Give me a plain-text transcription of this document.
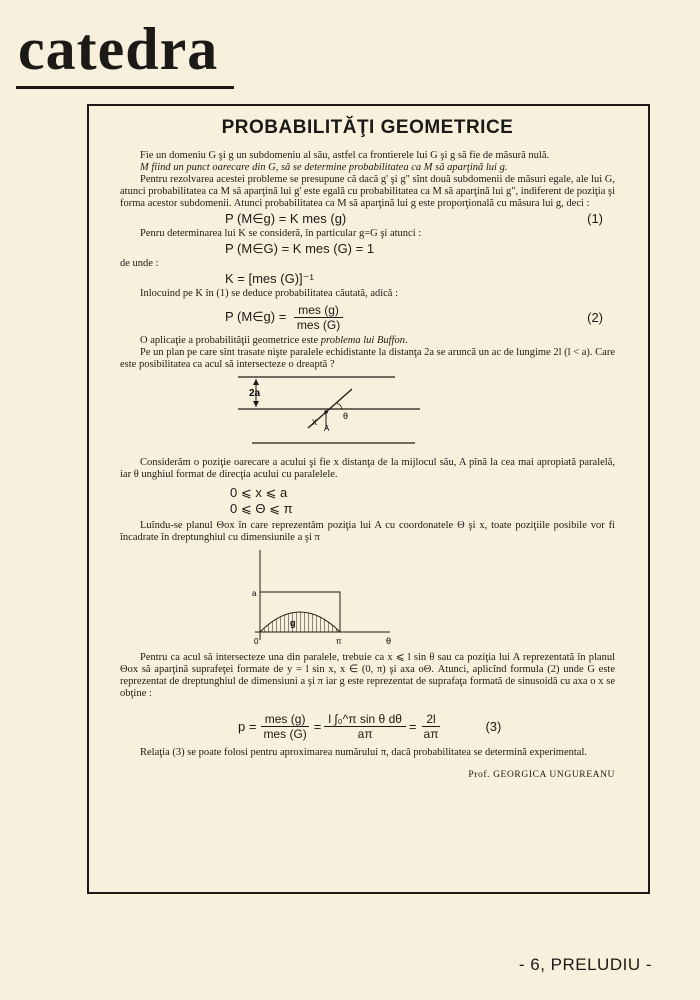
catedra
PROBABILITĂŢI GEOMETRICE

Fie un domeniu G şi g un subdomeniu al său, astfel ca frontierele lui G şi g să fie de măsură nulă.

M fiind un punct oarecare din G, să se determine probabilitatea ca M să aparţină lui g.

Pentru rezolvarea acestei probleme se presupune că dacă g' şi g" sînt două subdomenii de măsuri egale, ale lui G, atunci probabilitatea ca M să aparţină lui g' este egală cu probabilitatea ca M să aparţină lui g", indiferent de poziţia şi forma acestor subdomenii. Atunci probabilitatea ca M să aparţină lui g este proporţională cu măsura lui g, deci :

P (M∈g) = K mes (g)	(1)

Penru determinarea lui K se consideră, în particular g=G şi atunci :

P (M∈G) = K mes (G) = 1

de unde :

K = [mes (G)]⁻¹

Inlocuind pe K în (1) se deduce probabilitatea căutată, adică :

P (M∈g) = $\frac{\text{mes (g)}}{\text{mes (G)}}$	(2)

O aplicaţie a probabilităţii geometrice este problema lui Buffon.

Pe un plan pe care sînt trasate nişte paralele echidistante la distanţa 2a se aruncă un ac de lungime 2l (l < a). Care este posibilitatea ca acul să intersecteze o dreaptă ?

2a
x
A
θ

Considerăm o poziţie oarecare a acului şi fie x distanţa de la mijlocul său, A pînă la cea mai apropiată paralelă, iar θ unghiul format de direcţia acului cu paralelele.

0 ⩽ x ⩽ a
0 ⩽ Θ ⩽ π

Luîndu-se planul Θox în care reprezentăm poziţia lui A cu coordonatele Θ şi x, toate poziţiile posibile vor fi încadrate în dreptunghiul cu dimensiunile a şi π

a
g
0	π	θ

Pentru ca acul să intersecteze una din paralele, trebuie ca x ⩽ l sin θ sau ca poziţia lui A reprezentată în planul Θox să aparţină suprafeţei formate de y = l sin x, x ∈ (0, π) şi axa oΘ. Atunci, aplicînd formula (2) unde G este reprezentat de dreptunghiul de dimensiuni a şi π iar g este reprezentat de suprafaţa formată de sinusoidă cu axa o x se obţine :

$p = \frac{\text{mes (g)}}{\text{mes (G)}} = \frac{\text{l ∫₀\textasciicircum{}π sin θ dθ}}{a\pi} = \frac{2l}{a\pi}$	(3)

Relaţia (3) se poate folosi pentru aproximarea numărului π, dacă probabilitatea se determină experimental.

Prof. GEORGICA UNGUREANU
- 6, PRELUDIU -
